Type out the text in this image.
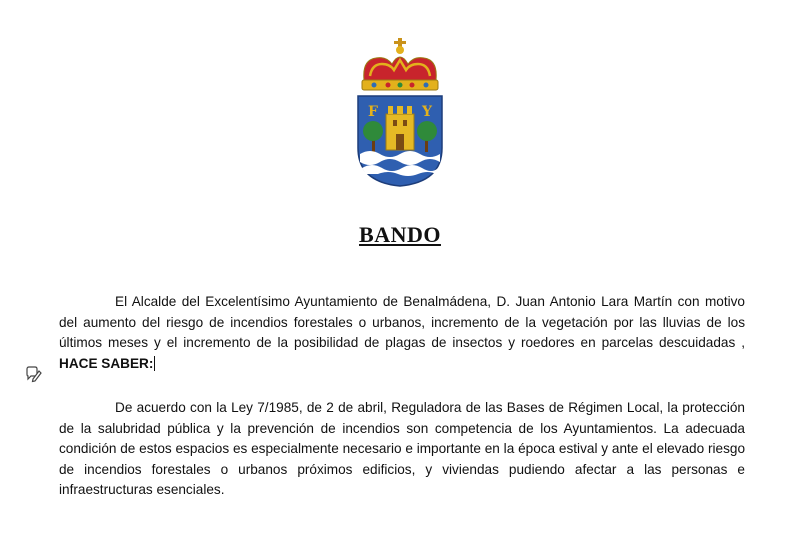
F	Y
BANDO

El Alcalde del Excelentísimo Ayuntamiento de Benalmádena, D. Juan Antonio Lara Martín con motivo del aumento del riesgo de incendios forestales o urbanos, incremento de la vegetación por las lluvias de los últimos meses y el incremento de la posibilidad de plagas de insectos y roedores en parcelas descuidadas , HACE SABER:

De acuerdo con la Ley 7/1985, de 2 de abril, Reguladora de las Bases de Régimen Local, la protección de la salubridad pública y la prevención de incendios son competencia de los Ayuntamientos. La adecuada condición de estos espacios es especialmente necesario e importante en la época estival y ante el elevado riesgo de incendios forestales o urbanos próximos edificios, y viviendas pudiendo afectar a las personas e infraestructuras esenciales.
